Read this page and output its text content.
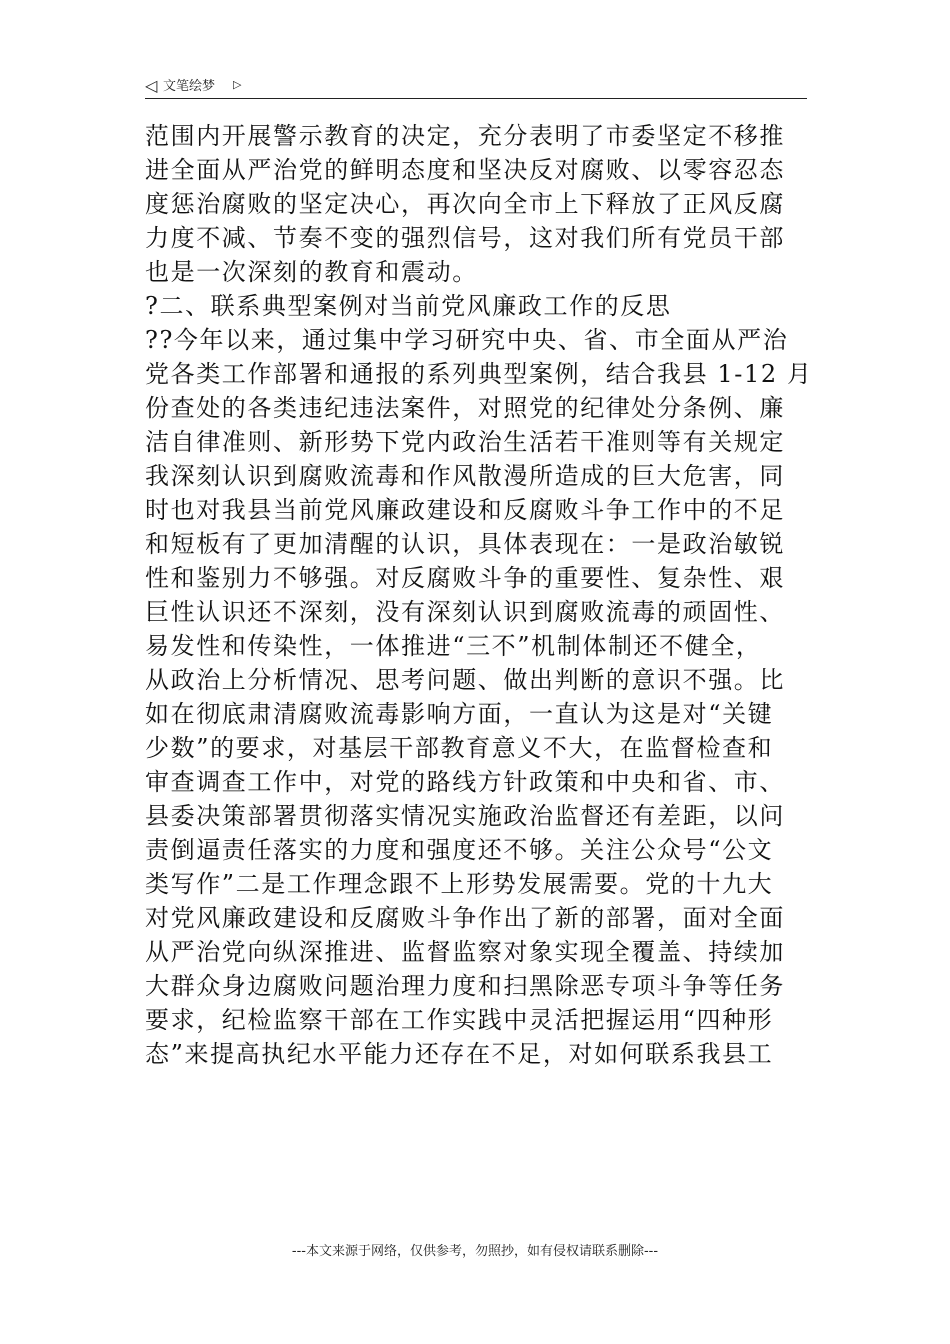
◁ 文笔绘梦 ▷
范围内开展警示教育的决定，充分表明了市委坚定不移推
进全面从严治党的鲜明态度和坚决反对腐败、以零容忍态
度惩治腐败的坚定决心，再次向全市上下释放了正风反腐
力度不减、节奏不变的强烈信号，这对我们所有党员干部
也是一次深刻的教育和震动。
?二、联系典型案例对当前党风廉政工作的反思
??今年以来，通过集中学习研究中央、省、市全面从严治
党各类工作部署和通报的系列典型案例，结合我县 1-12 月
份查处的各类违纪违法案件，对照党的纪律处分条例、廉
洁自律准则、新形势下党内政治生活若干准则等有关规定
我深刻认识到腐败流毒和作风散漫所造成的巨大危害，同
时也对我县当前党风廉政建设和反腐败斗争工作中的不足
和短板有了更加清醒的认识，具体表现在：一是政治敏锐
性和鉴别力不够强。对反腐败斗争的重要性、复杂性、艰
巨性认识还不深刻，没有深刻认识到腐败流毒的顽固性、
易发性和传染性，一体推进“三不”机制体制还不健全，
从政治上分析情况、思考问题、做出判断的意识不强。比
如在彻底肃清腐败流毒影响方面，一直认为这是对“关键
少数”的要求，对基层干部教育意义不大，在监督检查和
审查调查工作中，对党的路线方针政策和中央和省、市、
县委决策部署贯彻落实情况实施政治监督还有差距，以问
责倒逼责任落实的力度和强度还不够。关注公众号“公文
类写作”二是工作理念跟不上形势发展需要。党的十九大
对党风廉政建设和反腐败斗争作出了新的部署，面对全面
从严治党向纵深推进、监督监察对象实现全覆盖、持续加
大群众身边腐败问题治理力度和扫黑除恶专项斗争等任务
要求，纪检监察干部在工作实践中灵活把握运用“四种形
态”来提高执纪水平能力还存在不足，对如何联系我县工
---本文来源于网络，仅供参考，勿照抄，如有侵权请联系删除---
